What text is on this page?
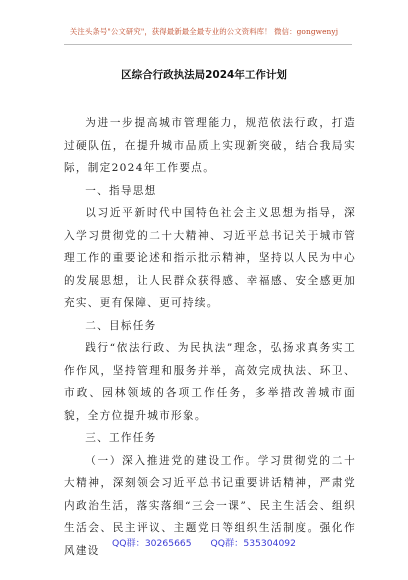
关注头条号"公文研究"，获得最新最全最专业的公文资料库！ 微信：gongwenyj
区综合行政执法局2024年工作计划

为进一步提高城市管理能力，规范依法行政，打造过硬队伍，在提升城市品质上实现新突破，结合我局实际，制定2024年工作要点。

一、指导思想

以习近平新时代中国特色社会主义思想为指导，深入学习贯彻党的二十大精神、习近平总书记关于城市管理工作的重要论述和指示批示精神，坚持以人民为中心的发展思想，让人民群众获得感、幸福感、安全感更加充实、更有保障、更可持续。

二、目标任务

践行“依法行政、为民执法”理念，弘扬求真务实工作作风，坚持管理和服务并举，高效完成执法、环卫、市政、园林领域的各项工作任务，多举措改善城市面貌，全方位提升城市形象。

三、工作任务

（一）深入推进党的建设工作。学习贯彻党的二十大精神，深刻领会习近平总书记重要讲话精神，严肃党内政治生活，落实落细“三会一课”、民主生活会、组织生活会、民主评议、主题党日等组织生活制度。强化作风建设

QQ群：30265665 QQ群：535304092
